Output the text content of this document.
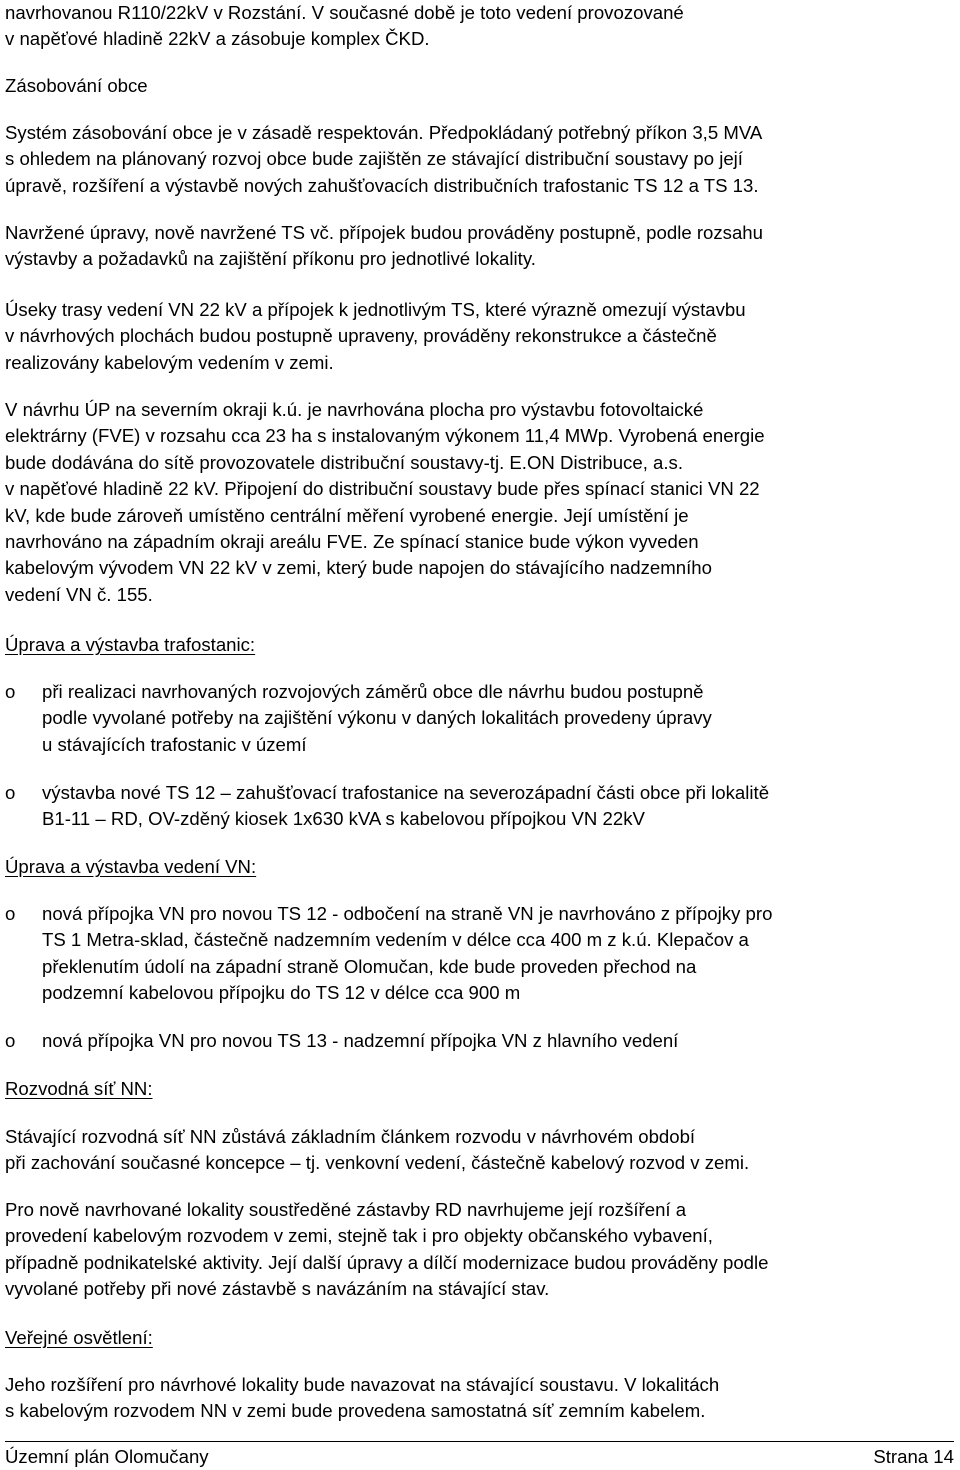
navrhovanou R110/22kV v Rozstání. V současné době je toto vedení provozované
v napěťové hladině 22kV a zásobuje komplex ČKD.
Zásobování obce
Systém zásobování obce je v zásadě respektován. Předpokládaný potřebný příkon 3,5 MVA
s ohledem na plánovaný rozvoj obce bude zajištěn ze stávající distribuční soustavy po její
úpravě, rozšíření a výstavbě nových zahušťovacích distribučních trafostanic TS 12 a TS 13.
Navržené úpravy, nově navržené TS vč. přípojek budou prováděny postupně, podle rozsahu
výstavby a požadavků na zajištění příkonu pro jednotlivé lokality.
Úseky trasy vedení VN 22 kV a přípojek k jednotlivým TS, které výrazně omezují výstavbu
v návrhových plochách budou postupně upraveny, prováděny rekonstrukce a částečně
realizovány kabelovým vedením v zemi.
V návrhu ÚP na severním okraji k.ú. je navrhována plocha pro výstavbu fotovoltaické
elektrárny (FVE) v rozsahu cca 23 ha s instalovaným výkonem 11,4 MWp. Vyrobená energie
bude dodávána do sítě provozovatele distribuční soustavy-tj. E.ON Distribuce, a.s.
v napěťové hladině 22 kV. Připojení do distribuční soustavy bude přes spínací stanici VN 22
kV, kde bude zároveň umístěno centrální měření vyrobené energie. Její umístění je
navrhováno na západním okraji areálu FVE. Ze spínací stanice bude výkon vyveden
kabelovým vývodem VN 22 kV v zemi, který bude napojen do stávajícího nadzemního
vedení VN č. 155.
Úprava a výstavba trafostanic:
o při realizaci navrhovaných rozvojových záměrů obce dle návrhu budou postupně
podle vyvolané potřeby na zajištění výkonu v daných lokalitách provedeny úpravy
u stávajících trafostanic v území
o výstavba nové TS 12 – zahušťovací trafostanice na severozápadní části obce při lokalitě
B1-11 – RD, OV-zděný kiosek 1x630 kVA s kabelovou přípojkou VN 22kV
Úprava a výstavba vedení VN:
o nová přípojka VN pro novou TS 12 - odbočení na straně VN je navrhováno z přípojky pro
TS 1 Metra-sklad, částečně nadzemním vedením v délce cca 400 m z k.ú. Klepačov a
překlenutím údolí na západní straně Olomučan, kde bude proveden přechod na
podzemní kabelovou přípojku do TS 12 v délce cca 900 m
o nová přípojka VN pro novou TS 13 - nadzemní přípojka VN z hlavního vedení
Rozvodná síť NN:
Stávající rozvodná síť NN zůstává základním článkem rozvodu v návrhovém období
při zachování současné koncepce – tj. venkovní vedení, částečně kabelový rozvod v zemi.
Pro nově navrhované lokality soustředěné zástavby RD navrhujeme její rozšíření a
provedení kabelovým rozvodem v zemi, stejně tak i pro objekty občanského vybavení,
případně podnikatelské aktivity. Její další úpravy a dílčí modernizace budou prováděny podle
vyvolané potřeby při nové zástavbě s navázáním na stávající stav.
Veřejné osvětlení:
Jeho rozšíření pro návrhové lokality bude navazovat na stávající soustavu. V lokalitách
s kabelovým rozvodem NN v zemi bude provedena samostatná síť zemním kabelem.
Územní plán Olomučany	Strana 14
